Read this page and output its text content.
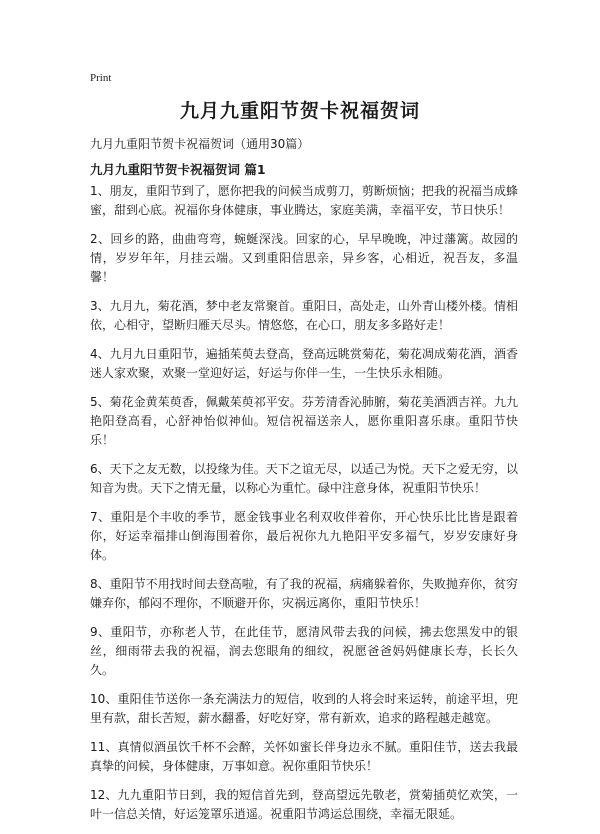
Print
九月九重阳节贺卡祝福贺词
九月九重阳节贺卡祝福贺词（通用30篇）
九月九重阳节贺卡祝福贺词 篇1

1、朋友，重阳节到了，愿你把我的问候当成剪刀，剪断烦恼；把我的祝福当成蜂蜜，甜到心底。祝福你身体健康，事业腾达，家庭美满，幸福平安，节日快乐！

2、回乡的路，曲曲弯弯，蜿蜒深浅。回家的心，早早晚晚，冲过藩篱。故园的情，岁岁年年，月挂云端。又到重阳信思亲，异乡客，心相近，祝吾友，多温馨！

3、九月九，菊花酒，梦中老友常聚首。重阳日，高处走，山外青山楼外楼。情相依，心相守，望断归雁天尽头。情悠悠，在心口，朋友多多路好走！

4、九月九日重阳节，遍插茱萸去登高，登高远眺赏菊花，菊花凋成菊花酒，酒香迷人家欢聚，欢聚一堂迎好运，好运与你伴一生，一生快乐永相随。

5、菊花金黄茱萸香，佩戴茱萸祁平安。芬芳清香沁肺腑，菊花美酒洒吉祥。九九艳阳登高看，心舒神怡似神仙。短信祝福送亲人，愿你重阳喜乐康。重阳节快乐！

6、天下之友无数，以投缘为佳。天下之谊无尽，以适己为悦。天下之爱无穷，以知音为贵。天下之情无量，以称心为重忙。碌中注意身体，祝重阳节快乐！

7、重阳是个丰收的季节，愿金钱事业名利双收伴着你，开心快乐比比皆是跟着你，好运幸福排山倒海围着你，最后祝你九九艳阳平安多福气，岁岁安康好身体。

8、重阳节不用找时间去登高啦，有了我的祝福，病痛躲着你，失败抛弃你，贫穷嫌弃你，郁闷不理你，不顺避开你，灾祸远离你，重阳节快乐！

9、重阳节，亦称老人节，在此佳节，愿清风带去我的问候，拂去您黑发中的银丝，细雨带去我的祝福，润去您眼角的细纹，祝愿爸爸妈妈健康长寿，长长久久。

10、重阳佳节送你一条充满法力的短信，收到的人将会时来运转，前途平坦，兜里有款，甜长苦短，薪水翻番，好吃好穿，常有新欢，追求的路程越走越宽。

11、真情似酒虽饮千杯不会醉，关怀如蜜长伴身边永不腻。重阳佳节，送去我最真挚的问候，身体健康，万事如意。祝你重阳节快乐！

12、九九重阳节日到，我的短信首先到，登高望远先敬老，赏菊插萸忆欢笑，一叶一信总关情，好运笼罩乐逍遥。祝重阳节鸿运总围绕，幸福无限延。
